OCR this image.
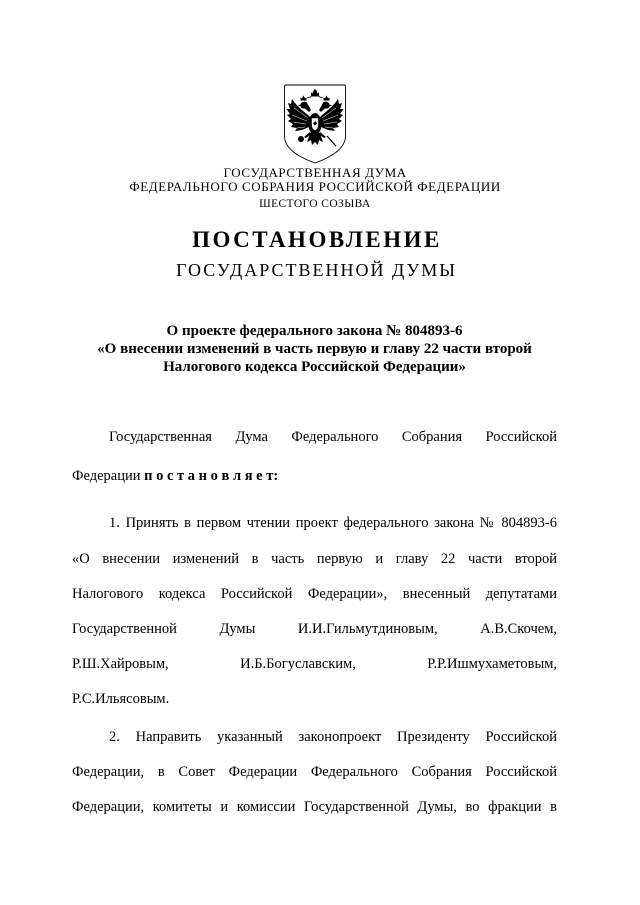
ГОСУДАРСТВЕННАЯ ДУМА
ФЕДЕРАЛЬНОГО СОБРАНИЯ РОССИЙСКОЙ ФЕДЕРАЦИИ
ШЕСТОГО СОЗЫВА
ПОСТАНОВЛЕНИЕ
ГОСУДАРСТВЕННОЙ ДУМЫ
О проекте федерального закона № 804893-6
«О внесении изменений в часть первую и главу 22 части второй
Налогового кодекса Российской Федерации»
Государственная Дума Федерального Собрания Российской
Федерации п о с т а н о в л я е т:
1. Принять в первом чтении проект федерального закона № 804893-6
«О внесении изменений в часть первую и главу 22 части второй
Налогового кодекса Российской Федерации», внесенный депутатами
Государственной Думы И.И.Гильмутдиновым, А.В.Скочем,
Р.Ш.Хайровым, И.Б.Богуславским, Р.Р.Ишмухаметовым,
Р.С.Ильясовым.
2. Направить указанный законопроект Президенту Российской
Федерации, в Совет Федерации Федерального Собрания Российской
Федерации, комитеты и комиссии Государственной Думы, во фракции в
